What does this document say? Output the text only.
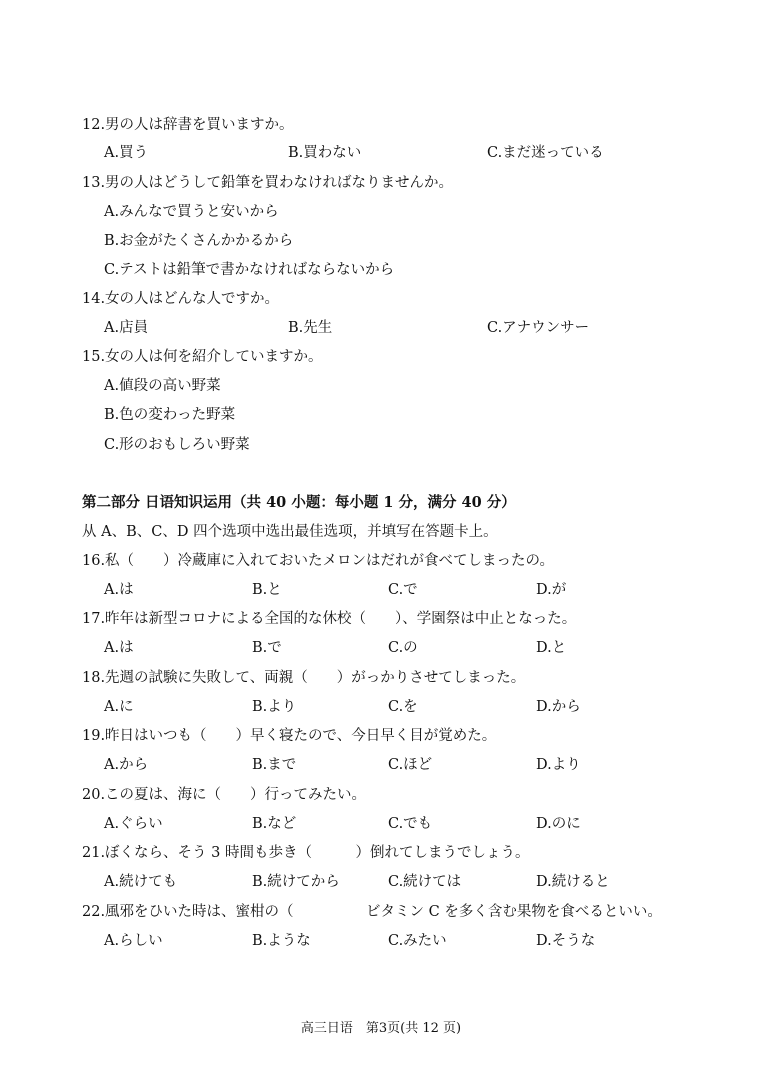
12.男の人は辞書を買いますか。
A.買う	B.買わない	C.まだ迷っている
13.男の人はどうして鉛筆を買わなければなりませんか。
A.みんなで買うと安いから
B.お金がたくさんかかるから
C.テストは鉛筆で書かなければならないから
14.女の人はどんな人ですか。
A.店員	B.先生	C.アナウンサー
15.女の人は何を紹介していますか。
A.値段の高い野菜
B.色の変わった野菜
C.形のおもしろい野菜
第二部分 日语知识运用（共 40 小题：每小题 1 分，满分 40 分）
从 A、B、C、D 四个选项中选出最佳选项，并填写在答题卡上。
16.私（　　）冷蔵庫に入れておいたメロンはだれが食べてしまったの。
A.は	B.と	C.で	D.が
17.昨年は新型コロナによる全国的な休校（　　）、学園祭は中止となった。
A.は	B.で	C.の	D.と
18.先週の試験に失敗して、両親（　　）がっかりさせてしまった。
A.に	B.より	C.を	D.から
19.昨日はいつも（　　）早く寝たので、今日早く目が覚めた。
A.から	B.まで	C.ほど	D.より
20.この夏は、海に（　　）行ってみたい。
A.ぐらい	B.など	C.でも	D.のに
21.ぼくなら、そう 3 時間も歩き（　　　）倒れてしまうでしょう。
A.続けても	B.続けてから	C.続けては	D.続けると
22.風邪をひいた時は、蜜柑の（　　　　　ビタミン C を多く含む果物を食べるといい。
A.らしい	B.ような	C.みたい	D.そうな
高三日语　第3页(共 12 页)
